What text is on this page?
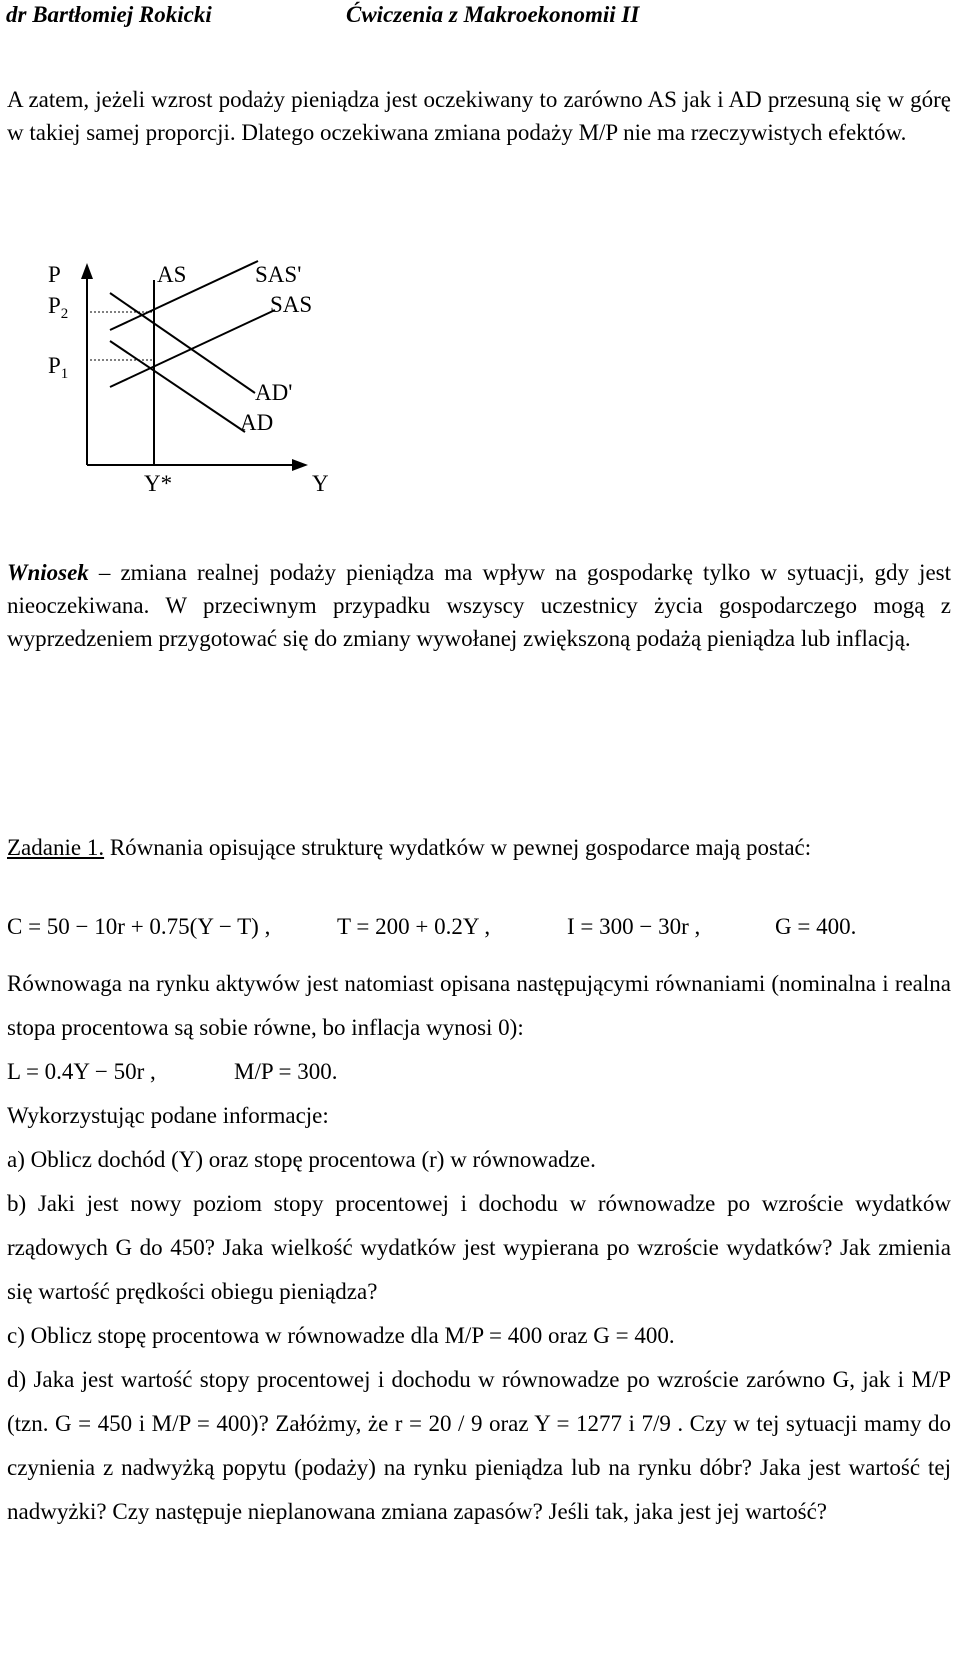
dr Bartłomiej Rokicki	Ćwiczenia z Makroekonomii II
A zatem, jeżeli wzrost podaży pieniądza jest oczekiwany to zarówno AS jak i AD przesuną się w górę w takiej samej proporcji. Dlatego oczekiwana zmiana podaży M/P nie ma rzeczywistych efektów.
P
$P_2$
$P_1$
AS	SAS'
SAS
AD'
AD
Y*	Y
Wniosek – zmiana realnej podaży pieniądza ma wpływ na gospodarkę tylko w sytuacji, gdy jest nieoczekiwana. W przeciwnym przypadku wszyscy uczestnicy życia gospodarczego mogą z wyprzedzeniem przygotować się do zmiany wywołanej zwiększoną podażą pieniądza lub inflacją.
Zadanie 1. Równania opisujące strukturę wydatków w pewnej gospodarce mają postać:
C = 50 − 10r + 0.75(Y − T) ,	T = 200 + 0.2Y ,	I = 300 − 30r ,	G = 400.
Równowaga na rynku aktywów jest natomiast opisana następującymi równaniami (nominalna i realna stopa procentowa są sobie równe, bo inflacja wynosi 0):
L = 0.4Y − 50r ,	M/P = 300.
Wykorzystując podane informacje:
a) Oblicz dochód (Y) oraz stopę procentowa (r) w równowadze.
b) Jaki jest nowy poziom stopy procentowej i dochodu w równowadze po wzroście wydatków rządowych G do 450? Jaka wielkość wydatków jest wypierana po wzroście wydatków? Jak zmienia się wartość prędkości obiegu pieniądza?
c) Oblicz stopę procentowa w równowadze dla M/P = 400 oraz G = 400.
d) Jaka jest wartość stopy procentowej i dochodu w równowadze po wzroście zarówno G, jak i M/P (tzn. G = 450 i M/P = 400)? Załóżmy, że r = 20 / 9 oraz Y = 1277 i 7/9 . Czy w tej sytuacji mamy do czynienia z nadwyżką popytu (podaży) na rynku pieniądza lub na rynku dóbr? Jaka jest wartość tej nadwyżki? Czy następuje nieplanowana zmiana zapasów? Jeśli tak, jaka jest jej wartość?
